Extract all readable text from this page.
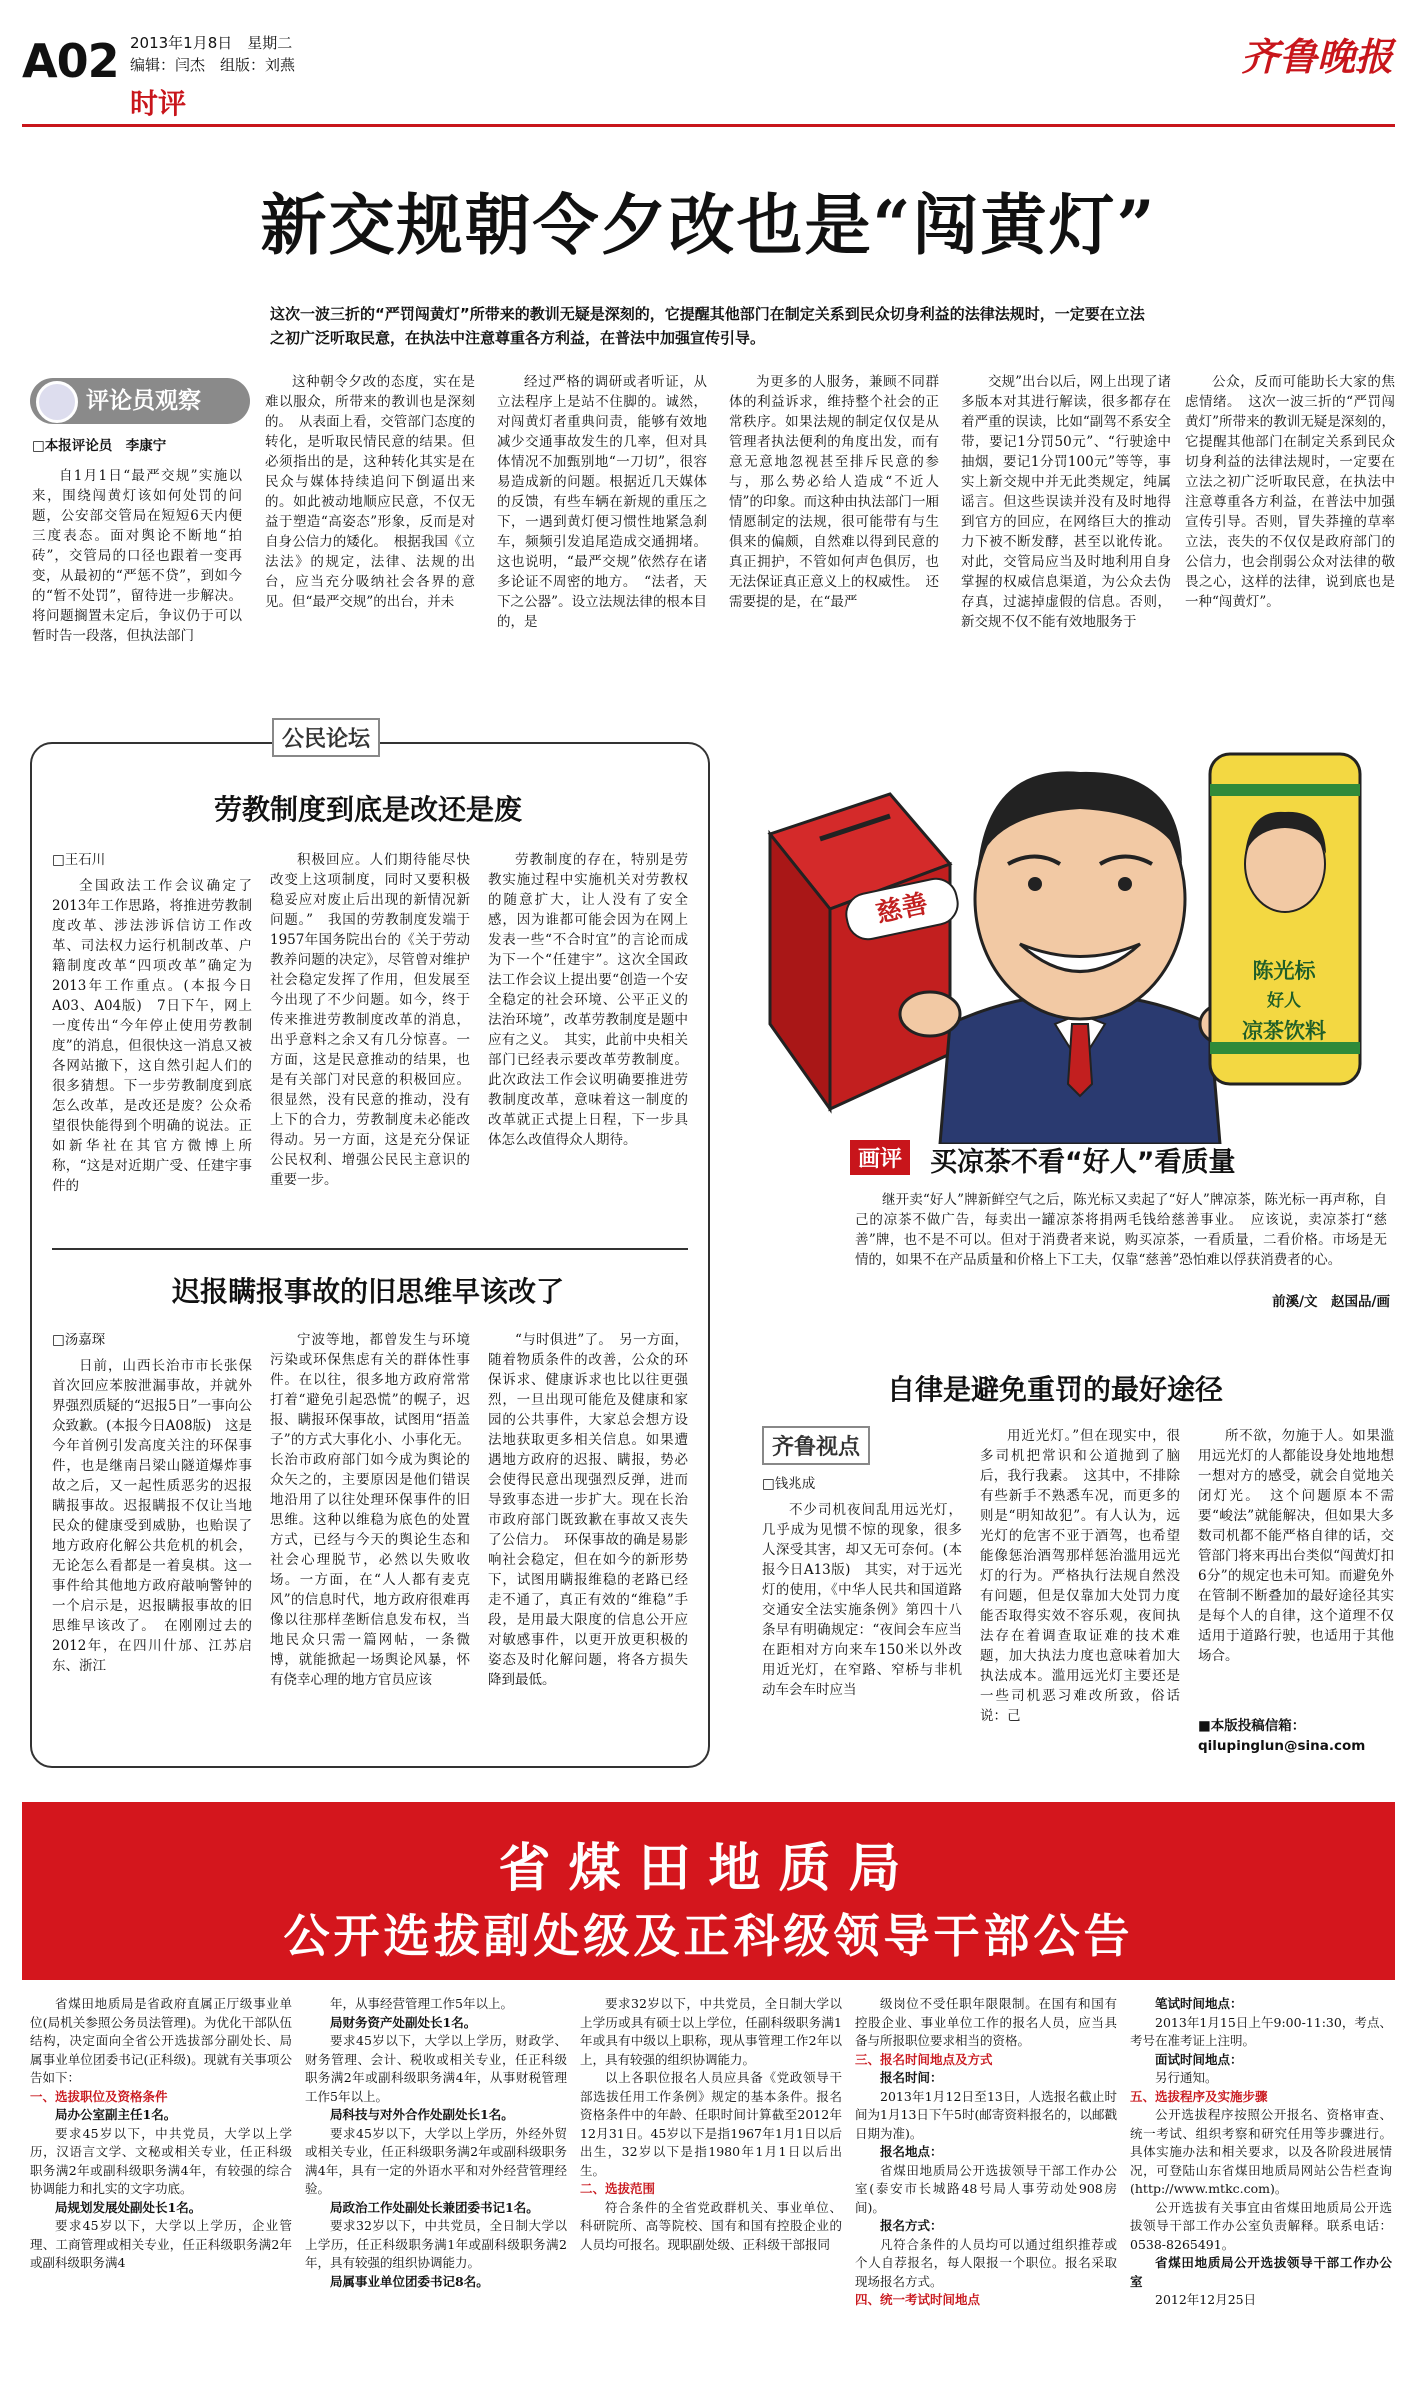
A02 2013年1月8日　 星期二
编辑：闫杰　 组版：刘燕
时评
齐鲁晚报
新交规朝令夕改也是“闯黄灯”
这次一波三折的“严罚闯黄灯”所带来的教训无疑是深刻的，它提醒其他部门在制定关系到民众切身利益的法律法规时，一定要在立法之初广泛听取民意，在执法中注意尊重各方利益，在普法中加强宣传引导。
评论员观察
□本报评论员　李康宁

自1月1日“最严交规”实施以来，围绕闯黄灯该如何处罚的问题，公安部交管局在短短6天内便三度表态。面对舆论不断地“拍砖”，交管局的口径也跟着一变再变，从最初的“严惩不贷”，到如今的“暂不处罚”，留待进一步解决。将问题搁置未定后，争议仍于可以暂时告一段落，但执法部门

这种朝令夕改的态度，实在是难以服众，所带来的教训也是深刻的。　从表面上看，交管部门态度的转化，是听取民情民意的结果。但必须指出的是，这种转化其实是在民众与媒体持续追问下倒逼出来的。如此被动地顺应民意，不仅无益于塑造“高姿态”形象，反而是对自身公信力的矮化。　根据我国《立法法》的规定，法律、法规的出台，应当充分吸纳社会各界的意见。但“最严交规”的出台，并未

经过严格的调研或者听证，从立法程序上是站不住脚的。诚然，对闯黄灯者重典问责，能够有效地减少交通事故发生的几率，但对具体情况不加甄别地“一刀切”，很容易造成新的问题。根据近几天媒体的反馈，有些车辆在新规的重压之下，一遇到黄灯便习惯性地紧急刹车，频频引发追尾造成交通拥堵。这也说明，“最严交规”依然存在诸多论证不周密的地方。　“法者，天下之公器”。设立法规法律的根本目的，是

为更多的人服务，兼顾不同群体的利益诉求，维持整个社会的正常秩序。如果法规的制定仅仅是从管理者执法便利的角度出发，而有意无意地忽视甚至排斥民意的参与，那么势必给人造成“不近人情”的印象。而这种由执法部门一厢情愿制定的法规，很可能带有与生俱来的偏颇，自然难以得到民意的真正拥护，不管如何声色俱厉，也无法保证真正意义上的权威性。　还需要提的是，在“最严

交规”出台以后，网上出现了诸多版本对其进行解读，很多都存在着严重的误读，比如“副驾不系安全带，要记1分罚50元”、“行驶途中抽烟，要记1分罚100元”等等，事实上新交规中并无此类规定，纯属谣言。但这些误读并没有及时地得到官方的回应，在网络巨大的推动力下被不断发酵，甚至以讹传讹。对此，交管局应当及时地利用自身掌握的权威信息渠道，为公众去伪存真，过滤掉虚假的信息。否则，新交规不仅不能有效地服务于

公众，反而可能助长大家的焦虑情绪。　这次一波三折的“严罚闯黄灯”所带来的教训无疑是深刻的，它提醒其他部门在制定关系到民众切身利益的法律法规时，一定要在立法之初广泛听取民意，在执法中注意尊重各方利益，在普法中加强宣传引导。否则，冒失莽撞的草率立法，丧失的不仅仅是政府部门的公信力，也会削弱公众对法律的敬畏之心，这样的法律，说到底也是一种“闯黄灯”。

公民论坛
劳教制度到底是改还是废
□王石川

全国政法工作会议确定了2013年工作思路，将推进劳教制度改革、涉法涉诉信访工作改革、司法权力运行机制改革、户籍制度改革“四项改革”确定为2013年工作重点。(本报今日A03、A04版)　7日下午，网上一度传出“今年停止使用劳教制度”的消息，但很快这一消息又被各网站撤下，这自然引起人们的很多猜想。下一步劳教制度到底怎么改革，是改还是废？公众希望很快能得到个明确的说法。正如新华社在其官方微博上所称，“这是对近期广受、任建宇事件的

积极回应。人们期待能尽快改变上这项制度，同时又要积极稳妥应对废止后出现的新情况新问题。”　我国的劳教制度发端于1957年国务院出台的《关于劳动教养问题的决定》，尽管曾对维护社会稳定发挥了作用，但发展至今出现了不少问题。如今，终于传来推进劳教制度改革的消息，出乎意料之余又有几分惊喜。一方面，这是民意推动的结果，也是有关部门对民意的积极回应。很显然，没有民意的推动，没有上下的合力，劳教制度未必能改得动。另一方面，这是充分保证公民权利、增强公民民主意识的重要一步。

劳教制度的存在，特别是劳教实施过程中实施机关对劳教权的随意扩大，让人没有了安全感，因为谁都可能会因为在网上发表一些“不合时宜”的言论而成为下一个“任建宇”。这次全国政法工作会议上提出要“创造一个安全稳定的社会环境、公平正义的法治环境”，改革劳教制度是题中应有之义。　其实，此前中央相关部门已经表示要改革劳教制度。此次政法工作会议明确要推进劳教制度改革，意味着这一制度的改革就正式提上日程，下一步具体怎么改值得众人期待。

迟报瞒报事故的旧思维早该改了
□汤嘉琛

日前，山西长治市市长张保首次回应苯胺泄漏事故，并就外界强烈质疑的“迟报5日”一事向公众致歉。(本报今日A08版)　这是今年首例引发高度关注的环保事件，也是继南吕梁山隧道爆炸事故之后，又一起性质恶劣的迟报瞒报事故。迟报瞒报不仅让当地民众的健康受到威胁，也贻误了地方政府化解公共危机的机会，无论怎么看都是一着臭棋。这一事件给其他地方政府敲响警钟的一个启示是，迟报瞒报事故的旧思维早该改了。　在刚刚过去的2012年，在四川什邡、江苏启东、浙江

宁波等地，都曾发生与环境污染或环保焦虑有关的群体性事件。在以往，很多地方政府常常打着“避免引起恐慌”的幌子，迟报、瞒报环保事故，试图用“捂盖子”的方式大事化小、小事化无。长治市政府部门如今成为舆论的众矢之的，主要原因是他们错误地沿用了以往处理环保事件的旧思维。这种以维稳为底色的处置方式，已经与今天的舆论生态和社会心理脱节，必然以失败收场。一方面，在“人人都有麦克风”的信息时代，地方政府很难再像以往那样垄断信息发布权，当地民众只需一篇网帖，一条微博，就能掀起一场舆论风暴，怀有侥幸心理的地方官员应该

“与时俱进”了。　另一方面，随着物质条件的改善，公众的环保诉求、健康诉求也比以往更强烈，一旦出现可能危及健康和家园的公共事件，大家总会想方设法地获取更多相关信息。如果遭遇地方政府的迟报、瞒报，势必会使得民意出现强烈反弹，进而导致事态进一步扩大。现在长治市政府部门既致歉在事故又丧失了公信力。　环保事故的确是易影响社会稳定，但在如今的新形势下，试图用瞒报维稳的老路已经走不通了，真正有效的“维稳”手段，是用最大限度的信息公开应对敏感事件，以更开放更积极的姿态及时化解问题，将各方损失降到最低。

慈善
陈光标
好人
凉茶饮料
画评 买凉茶不看“好人”看质量

继开卖“好人”牌新鲜空气之后，陈光标又卖起了“好人”牌凉茶，陈光标一再声称，自己的凉茶不做广告，每卖出一罐凉茶将捐两毛钱给慈善事业。　应该说，卖凉茶打“慈善”牌，也不是不可以。但对于消费者来说，购买凉茶，一看质量，二看价格。市场是无情的，如果不在产品质量和价格上下工夫，仅靠“慈善”恐怕难以俘获消费者的心。

前溪/文　赵国品/画
自律是避免重罚的最好途径
齐鲁视点
□钱兆成

不少司机夜间乱用远光灯，几乎成为见惯不惊的现象，很多人深受其害，却又无可奈何。(本报今日A13版)　其实，对于远光灯的使用，《中华人民共和国道路交通安全法实施条例》第四十八条早有明确规定：“夜间会车应当在距相对方向来车150米以外改用近光灯，在窄路、窄桥与非机动车会车时应当

用近光灯。”但在现实中，很多司机把常识和公道抛到了脑后，我行我素。　这其中，不排除有些新手不熟悉车况，而更多的则是“明知故犯”。有人认为，远光灯的危害不亚于酒驾，也希望能像惩治酒驾那样惩治滥用远光灯的行为。严格执行法规自然没有问题，但是仅靠加大处罚力度能否取得实效不容乐观，夜间执法存在着调查取证难的技术难题，加大执法力度也意味着加大执法成本。滥用远光灯主要还是一些司机恶习难改所致，俗话说：己

所不欲，勿施于人。如果滥用远光灯的人都能设身处地地想一想对方的感受，就会自觉地关闭灯光。　这个问题原本不需要“峻法”就能解决，但如果大多数司机都不能严格自律的话，交管部门将来再出台类似“闯黄灯扣6分”的规定也未可知。而避免外在管制不断叠加的最好途径其实是每个人的自律，这个道理不仅适用于道路行驶，也适用于其他场合。

■本版投稿信箱：
qilupinglun@sina.com
省煤田地质局
公开选拔副处级及正科级领导干部公告

省煤田地质局是省政府直属正厅级事业单位(局机关参照公务员法管理)。为优化干部队伍结构，决定面向全省公开选拔部分副处长、局属事业单位团委书记(正科级)。现就有关事项公告如下：

一、选拔职位及资格条件

局办公室副主任1名。

要求45岁以下，中共党员，大学以上学历，汉语言文学、文秘或相关专业，任正科级职务满2年或副科级职务满4年，有较强的综合协调能力和扎实的文字功底。

局规划发展处副处长1名。

要求45岁以下，大学以上学历，企业管理、工商管理或相关专业，任正科级职务满2年或副科级职务满4

年，从事经营管理工作5年以上。

局财务资产处副处长1名。

要求45岁以下，大学以上学历，财政学、财务管理、会计、税收或相关专业，任正科级职务满2年或副科级职务满4年，从事财税管理工作5年以上。

局科技与对外合作处副处长1名。

要求45岁以下，大学以上学历，外经外贸或相关专业，任正科级职务满2年或副科级职务满4年，具有一定的外语水平和对外经营管理经验。

局政治工作处副处长兼团委书记1名。

要求32岁以下，中共党员，全日制大学以上学历，任正科级职务满1年或副科级职务满2年，具有较强的组织协调能力。

局属事业单位团委书记8名。

要求32岁以下，中共党员，全日制大学以上学历或具有硕士以上学位，任副科级职务满1年或具有中级以上职称，现从事管理工作2年以上，具有较强的组织协调能力。

以上各职位报名人员应具备《党政领导干部选拔任用工作条例》规定的基本条件。报名资格条件中的年龄、任职时间计算截至2012年12月31日。45岁以下是指1967年1月1日以后出生，32岁以下是指1980年1月1日以后出生。

二、选拔范围

符合条件的全省党政群机关、事业单位、科研院所、高等院校、国有和国有控股企业的人员均可报名。现职副处级、正科级干部报同

级岗位不受任职年限限制。在国有和国有控股企业、事业单位工作的报名人员，应当具备与所报职位要求相当的资格。

三、报名时间地点及方式

报名时间：

2013年1月12日至13日，人选报名截止时间为1月13日下午5时(邮寄资料报名的，以邮戳日期为准)。

报名地点：

省煤田地质局公开选拔领导干部工作办公室(泰安市长城路48号局人事劳动处908房间)。

报名方式：

凡符合条件的人员均可以通过组织推荐或个人自荐报名，每人限报一个职位。报名采取现场报名方式。

四、统一考试时间地点

笔试时间地点：

2013年1月15日上午9:00-11:30，考点、考号在准考证上注明。

面试时间地点：

另行通知。

五、选拔程序及实施步骤

公开选拔程序按照公开报名、资格审查、统一考试、组织考察和研究任用等步骤进行。具体实施办法和相关要求，以及各阶段进展情况，可登陆山东省煤田地质局网站公告栏查询(http://www.mtkc.com)。

公开选拔有关事宜由省煤田地质局公开选拔领导干部工作办公室负责解释。联系电话：0538-8265491。

省煤田地质局公开选拔领导干部工作办公室

2012年12月25日
